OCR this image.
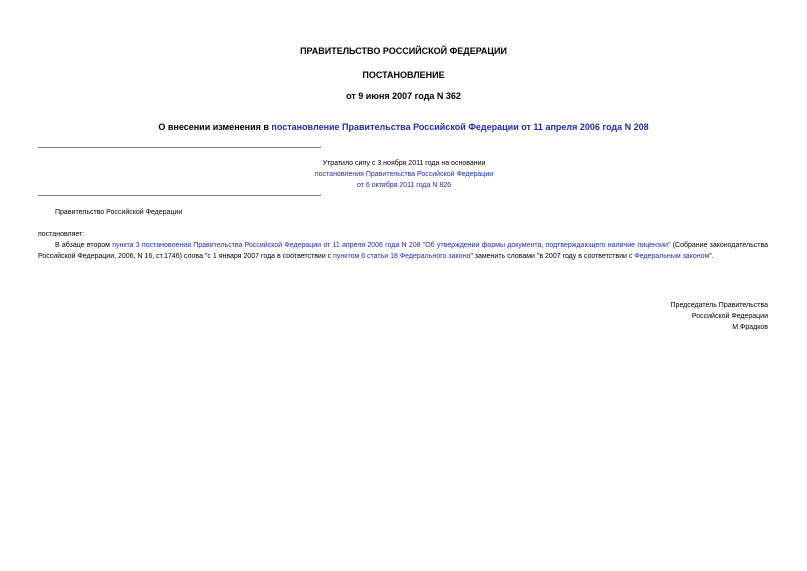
ПРАВИТЕЛЬСТВО РОССИЙСКОЙ ФЕДЕРАЦИИ
ПОСТАНОВЛЕНИЕ
от 9 июня 2007 года N 362
О внесении изменения в постановление Правительства Российской Федерации от 11 апреля 2006 года N 208
Утратило силу с 3 ноября 2011 года на основании
постановления Правительства Российской Федерации
от 6 октября 2011 года N 826
Правительство Российской Федерации
постановляет:
В абзаце втором пункта 3 постановления Правительства Российской Федерации от 11 апреля 2006 года N 208 "Об утверждении формы документа, подтверждающего наличие лицензии" (Собрание законодательства Российской Федерации, 2006, N 16, ст.1746) слова "с 1 января 2007 года в соответствии с пунктом 6 статьи 18 Федерального закона" заменить словами "в 2007 году в соответствии с Федеральным законом".
Председатель Правительства
Российской Федерации
М.Фрадков
